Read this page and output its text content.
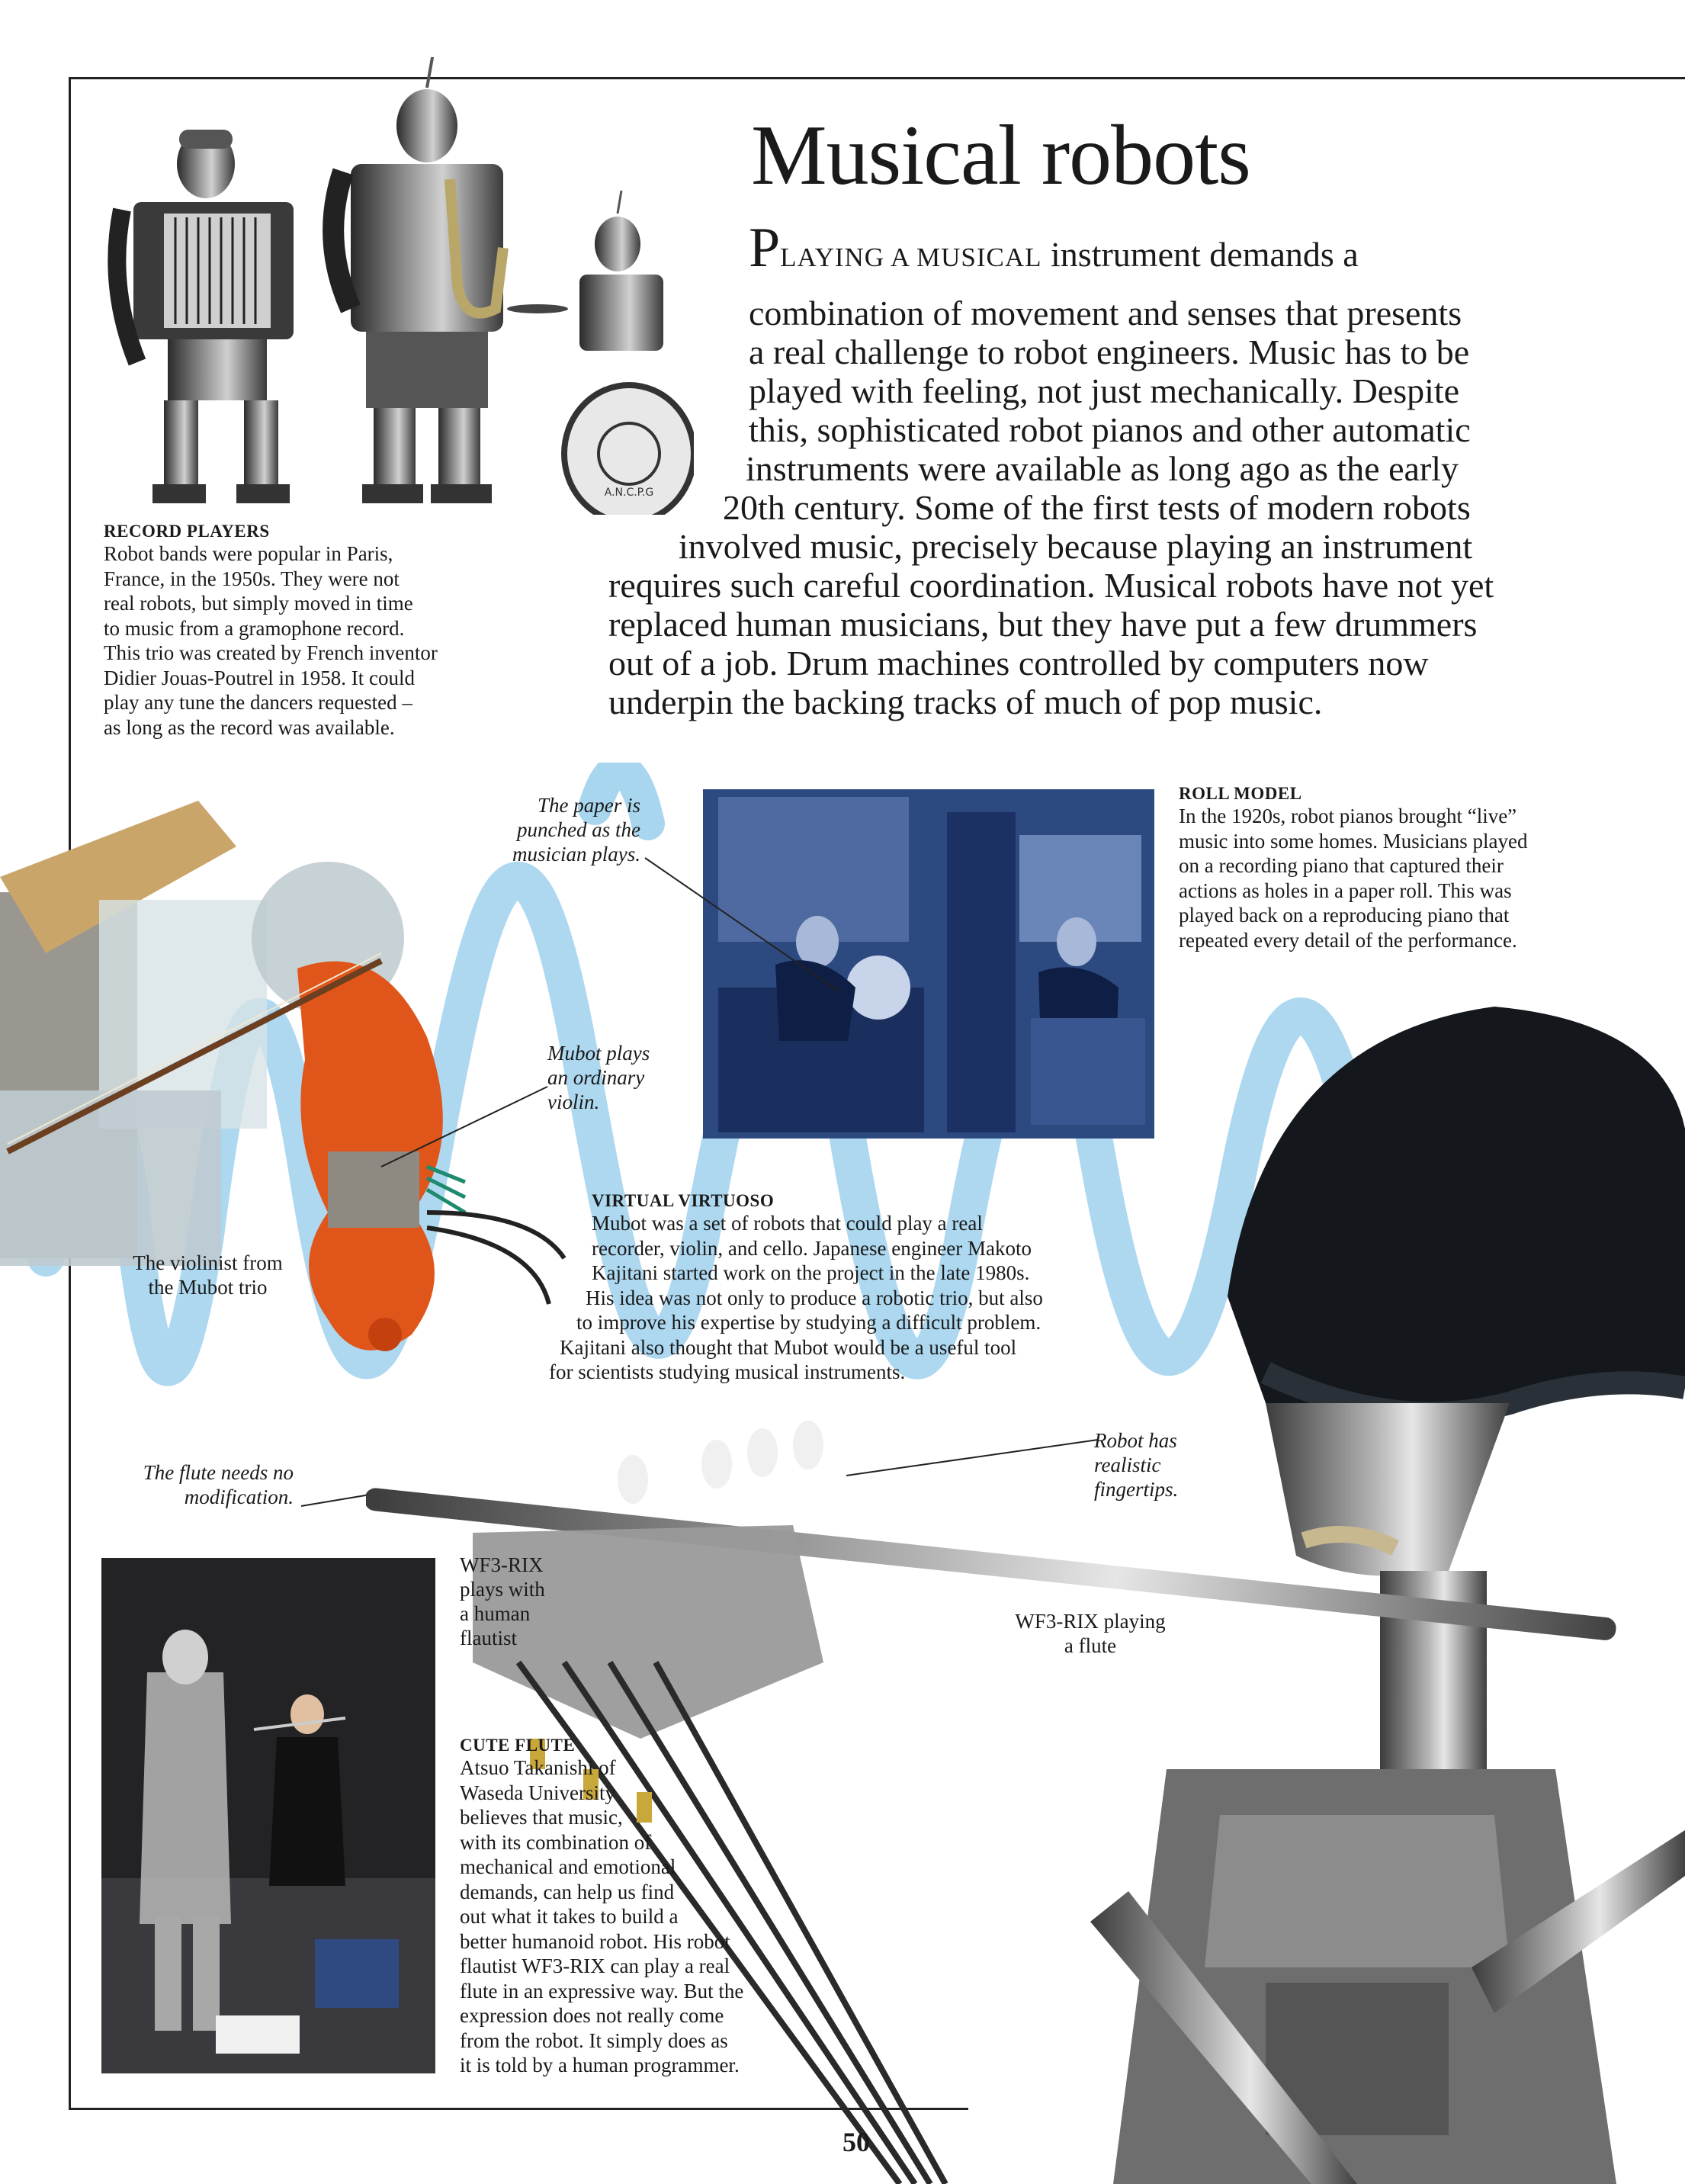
Musical robots
PLAYING A MUSICAL instrument demands a
combination of movement and senses that presents
a real challenge to robot engineers. Music has to be
played with feeling, not just mechanically. Despite
this, sophisticated robot pianos and other automatic
instruments were available as long ago as the early
20th century. Some of the first tests of modern robots
involved music, precisely because playing an instrument
requires such careful coordination. Musical robots have not yet
replaced human musicians, but they have put a few drummers
out of a job. Drum machines controlled by computers now
underpin the backing tracks of much of pop music.
A.N.C.P.G

RECORD PLAYERS

Robot bands were popular in Paris,
France, in the 1950s. They were not
real robots, but simply moved in time
to music from a gramophone record.
This trio was created by French inventor
Didier Jouas-Poutrel in 1958. It could
play any tune the dancers requested –
as long as the record was available.

ROLL MODEL

In the 1920s, robot pianos brought “live”
music into some homes. Musicians played
on a recording piano that captured their
actions as holes in a paper roll. This was
played back on a reproducing piano that
repeated every detail of the performance.

The paper is
punched as the
musician plays.
Mubot plays
an ordinary
violin.
The violinist from
the Mubot trio

VIRTUAL VIRTUOSO

Mubot was a set of robots that could play a real
recorder, violin, and cello. Japanese engineer Makoto
Kajitani started work on the project in the late 1980s.
His idea was not only to produce a robotic trio, but also
to improve his expertise by studying a difficult problem.
Kajitani also thought that Mubot would be a useful tool
for scientists studying musical instruments.

The flute needs no
modification.
Robot has
realistic
fingertips.
WF3-RIX
plays with
a human
flautist
WF3-RIX playing
a flute

CUTE FLUTE

Atsuo Takanishi of
Waseda University
believes that music,
with its combination of
mechanical and emotional
demands, can help us find
out what it takes to build a
better humanoid robot. His robot
flautist WF3-RIX can play a real
flute in an expressive way. But the
expression does not really come
from the robot. It simply does as
it is told by a human programmer.

50
